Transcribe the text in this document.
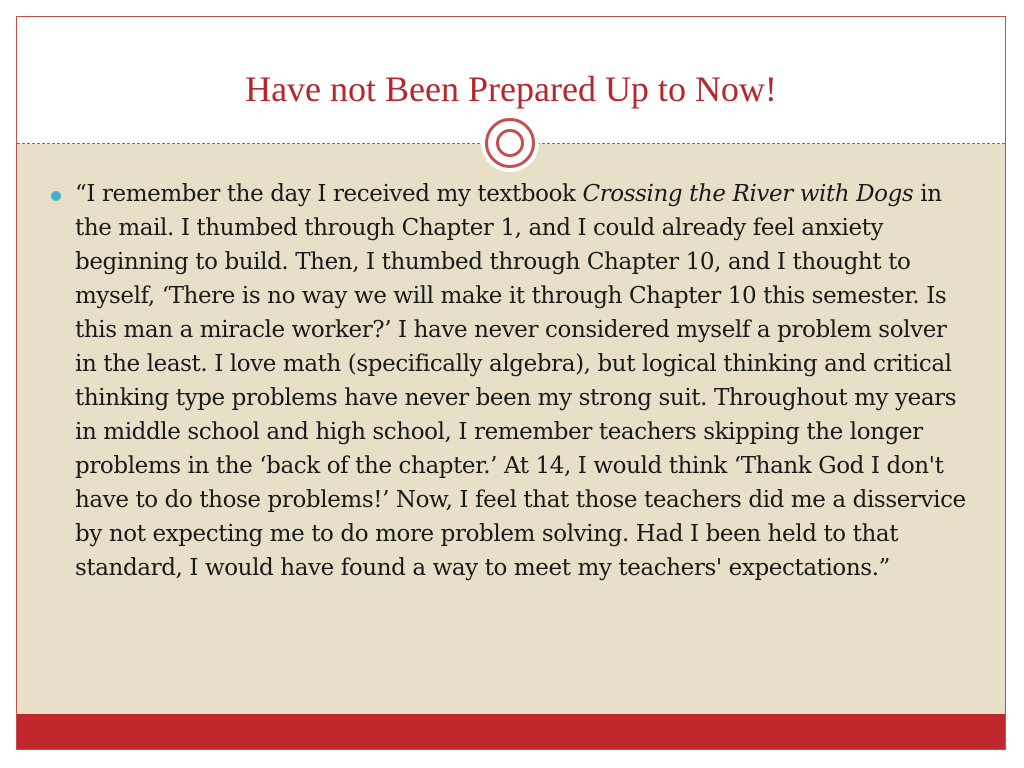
Have not Been Prepared Up to Now!

“I remember the day I received my textbook Crossing the River with Dogs in the mail. I thumbed through Chapter 1, and I could already feel anxiety beginning to build. Then, I thumbed through Chapter 10, and I thought to myself, ‘There is no way we will make it through Chapter 10 this semester. Is this man a miracle worker?’ I have never considered myself a problem solver in the least. I love math (specifically algebra), but logical thinking and critical thinking type problems have never been my strong suit. Throughout my years in middle school and high school, I remember teachers skipping the longer problems in the ‘back of the chapter.’ At 14, I would think ‘Thank God I don't have to do those problems!’ Now, I feel that those teachers did me a disservice by not expecting me to do more problem solving. Had I been held to that standard, I would have found a way to meet my teachers' expectations.”
